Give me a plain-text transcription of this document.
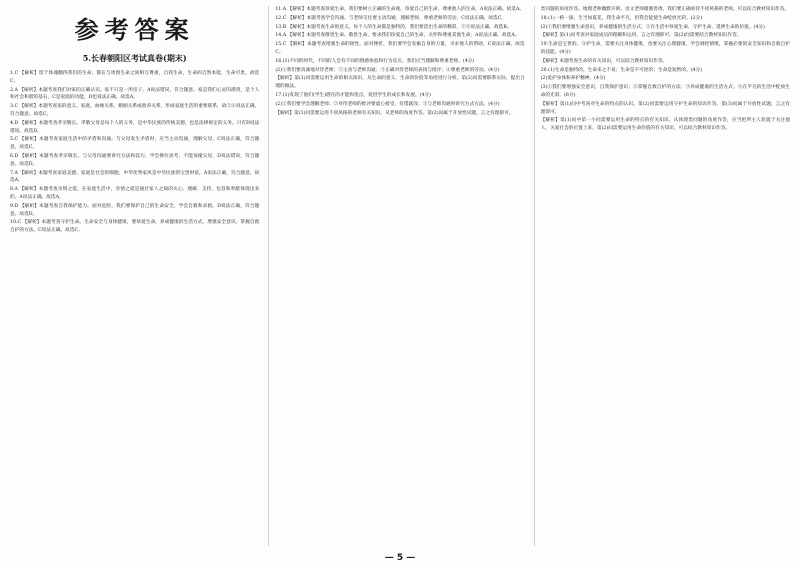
参考答案
5.长春朝阳区考试真卷(期末)
1.C 【解析】留于体魂翻得我们的生命，都在与周围生命之间相互尊重，自我生命，生命的自然本能，生命可贵。故选C。
2.A 【解析】本题考查我们对家的正确认识。家不只是一所房子，A说法错误，符合题意。家是我们心灵的港湾，是个人和社会和谐的基石，C是家庭的功能，D也说法正确。故选A。
3.C 【解析】本题考查家的意义。家庭，血缘关系，婚姻关系或收养关系，形成家庭生活的重要联系，故②④说法正确，符合题意。故选C。
4.D 【解析】本题考查孝亲敬长。孝敬父母是每个人的义务，是中华民族的传统美德，也是法律规定的义务。只有D说法错误。故选D。
5.C 【解析】本题考查家庭生活中的矛盾和沟通。与父母发生矛盾时，应当主动沟通，理解父母，C说法正确，符合题意。故选C。
6.D 【解析】本题考查孝亲敬长。与父母沟通要讲究方法和技巧，学会换位思考，不能顶撞父母，D说法错误，符合题意。故选D。
7.A 【解析】本题考查家庭美德。家庭是社会的细胞，中华优秀家风是中华民族的宝贵财富，A说法正确，符合题意。故选A。
8.A 【解析】本题考查亲情之爱。在家庭生活中，亲情之爱是通过家人之间的关心、理解、支持、包容和奉献体现出来的，A说法正确。故选A。
9.D 【解析】本题考查自我保护能力。面对危险，我们要保护自己的生命安全，学会自救和求救。D说法正确，符合题意。故选D。
10.C 【解析】本题考查守护生命。生命安全与身体健康，要珍爱生命，养成健康的生活方式，增强安全意识，掌握自救自护的方法。C说法正确。故选C。
11.A 【解析】本题考查珍爱生命。我们要树立正确的生命观，珍爱自己的生命，尊重他人的生命，A说法正确。故选A。
12.C 【解析】本题考查学会沟通。与老师交往要主动沟通，理解老师，尊重老师的劳动，C说法正确。故选C。
13.B 【解析】本题考查生命的意义。每个人的生命都是独特的，我们要活出生命的精彩，②④说法正确。故选B。
14.A 【解析】本题考查敬畏生命。敬畏生命，要求我们珍爱自己的生命，关怀和尊重其他生命，A说法正确。故选A。
15.C 【解析】本题考查增强生命的韧性。面对挫折，我们要学会发掘自身的力量，寻求他人的帮助，C说法正确。故选C。
16.(1)不同的时代，不同的人会有不同的情感体验和行为反应，我们应当理解和尊重老师。(4分)
(2)①我们要真诚地对待老师；②主动与老师沟通；③正确对待老师的表扬与批评；④尊重老师的劳动。(4分)
【解析】第(1)问需要运用生命的相关知识，从生命的意义、生命的价值等角度进行分析。第(2)问需要联系实际，提出合理的做法。
17.(1)发现了他们(学生)潜在的才能和优点，促进学生的成长和发展。(4分)
(2)①我们要学会理解老师；②对待老师的批评要虚心接受，有错就改；③与老师沟通时讲究方式方法。(4分)
【解析】第(1)问需要运用不同风格的老师有关知识，从老师的角度作答。第(2)问属于开放性试题，言之有理即可。
类问题的角度作答。地理老师幽默开朗，语文老师循循善诱，我们要正确看待不同风格的老师，可以结合教材知识作答。
18.(1)一桥一拔，生当如夏花，我生命平凡，但我会能使生命绽放光彩。(2分)
(2)①我们要增强生命意识，养成健康的生活方式；②在生活中珍爱生命、守护生命、延伸生命的价值。(4分)
【解析】第(1)问考查对家庭成员的理解和运用，言之有理即可。第(2)问需要结合教材知识作答。
19.生命是宝贵的。守护生命，需要关注身体健康，也要关注心理健康，学会调控情绪，掌握必要的安全知识和自救自护的技能。(4分)
【解析】本题考查生命的有关知识，可以结合教材知识作答。
20.(1)生命是独特的。生命来之不易；生命是不可逆的；生命是短暂的。(4分)
(2)爱护身体和养护精神。(4分)
(3)①我们要增强安全意识，自我保护意识；②掌握自救自护的方法；③养成健康的生活方式；④在平凡的生活中绽放生命的光彩。(6分)
【解析】第(1)问中考查对生命的特点的认识。第(2)问需要运用守护生命的知识作答。第(3)问属于开放性试题，言之有理即可。
【解析】第(1)问中第一小问需要运用生命的特点的有关知识，从体现类问题的角度作答，应当把所主人翁置于关注他人、关爱社会的位置上来。第(2)问需要运用生命价值的有关知识，可以结合教材知识作答。
— 5 —
